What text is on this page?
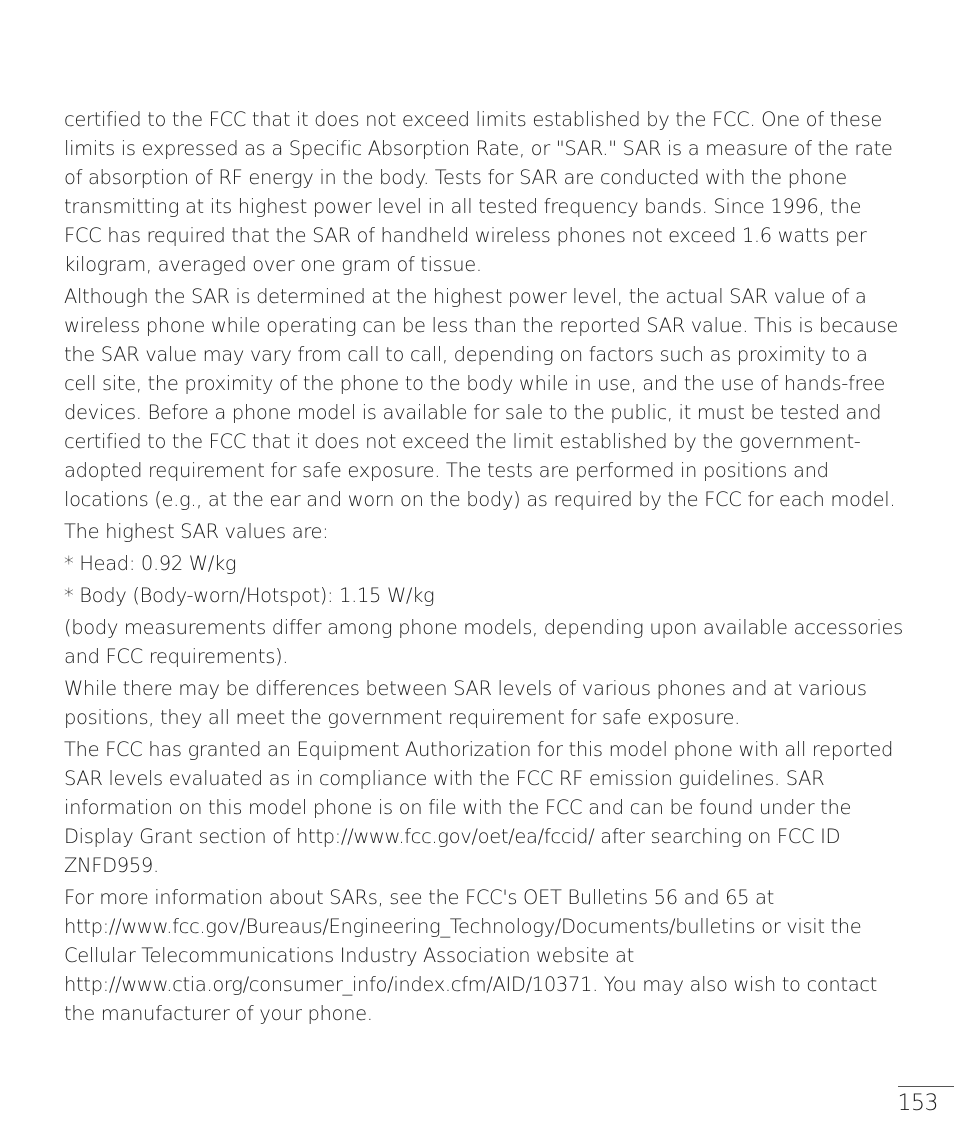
certified to the FCC that it does not exceed limits established by the FCC. One of these limits is expressed as a Specific Absorption Rate, or "SAR." SAR is a measure of the rate of absorption of RF energy in the body. Tests for SAR are conducted with the phone transmitting at its highest power level in all tested frequency bands. Since 1996, the FCC has required that the SAR of handheld wireless phones not exceed 1.6 watts per kilogram, averaged over one gram of tissue.

Although the SAR is determined at the highest power level, the actual SAR value of a wireless phone while operating can be less than the reported SAR value. This is because the SAR value may vary from call to call, depending on factors such as proximity to a cell site, the proximity of the phone to the body while in use, and the use of hands-free devices. Before a phone model is available for sale to the public, it must be tested and certified to the FCC that it does not exceed the limit established by the government-adopted requirement for safe exposure. The tests are performed in positions and locations (e.g., at the ear and worn on the body) as required by the FCC for each model.

The highest SAR values are:

* Head: 0.92 W/kg

* Body (Body-worn/Hotspot): 1.15 W/kg

(body measurements differ among phone models, depending upon available accessories and FCC requirements).

While there may be differences between SAR levels of various phones and at various positions, they all meet the government requirement for safe exposure.

The FCC has granted an Equipment Authorization for this model phone with all reported SAR levels evaluated as in compliance with the FCC RF emission guidelines. SAR information on this model phone is on file with the FCC and can be found under the Display Grant section of http://www.fcc.gov/oet/ea/fccid/ after searching on FCC ID ZNFD959.

For more information about SARs, see the FCC's OET Bulletins 56 and 65 at http://www.fcc.gov/Bureaus/Engineering_Technology/Documents/bulletins or visit the Cellular Telecommunications Industry Association website at http://www.ctia.org/consumer_info/index.cfm/AID/10371. You may also wish to contact the manufacturer of your phone.

153
